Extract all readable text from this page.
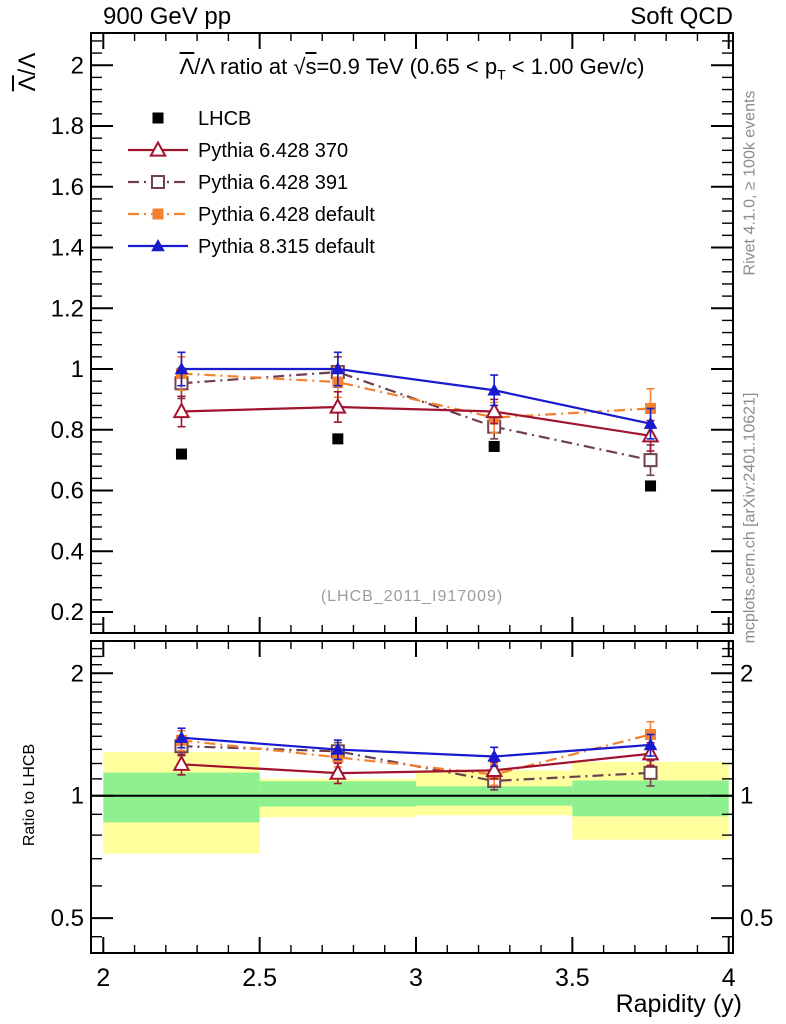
0.2
0.4
0.6
0.8
1
1.2
1.4
1.6
1.8
2
0.5	0.5
1	1
2	2
2	2.5	3	3.5	4
Rapidity (y)
LHCB
Pythia 6.428 370
Pythia 6.428 391
Pythia 6.428 default
Pythia 8.315 default
900 GeV pp	Soft QCD
$\overline{\Lambda}/\Lambda$	$\overline{\Lambda}/\Lambda$ ratio at √s=0.9 TeV ($0.65 < p_T < 1.00$ Gev/c)
Ratio to LHCB
Rivet 4.1.0, ≥ 100k events
mcplots.cern.ch [arXiv:2401.10621]
(LHCB_2011_I917009)
